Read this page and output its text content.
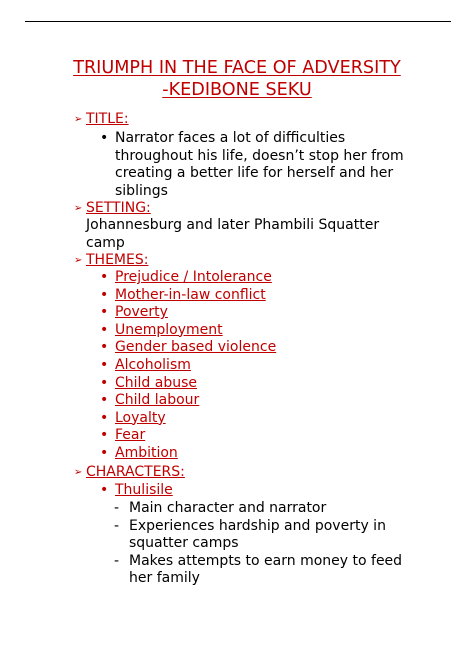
TRIUMPH IN THE FACE OF ADVERSITY
-KEDIBONE SEKU
➢ TITLE:
• Narrator faces a lot of difficulties throughout his life, doesn’t stop her from creating a better life for herself and her siblings
➢ SETTING:
Johannesburg and later Phambili Squatter camp
➢ THEMES:
• Prejudice / Intolerance
• Mother-in-law conflict
• Poverty
• Unemployment
• Gender based violence
• Alcoholism
• Child abuse
• Child labour
• Loyalty
• Fear
• Ambition
➢ CHARACTERS:
• Thulisile
- Main character and narrator
- Experiences hardship and poverty in squatter camps
- Makes attempts to earn money to feed her family
